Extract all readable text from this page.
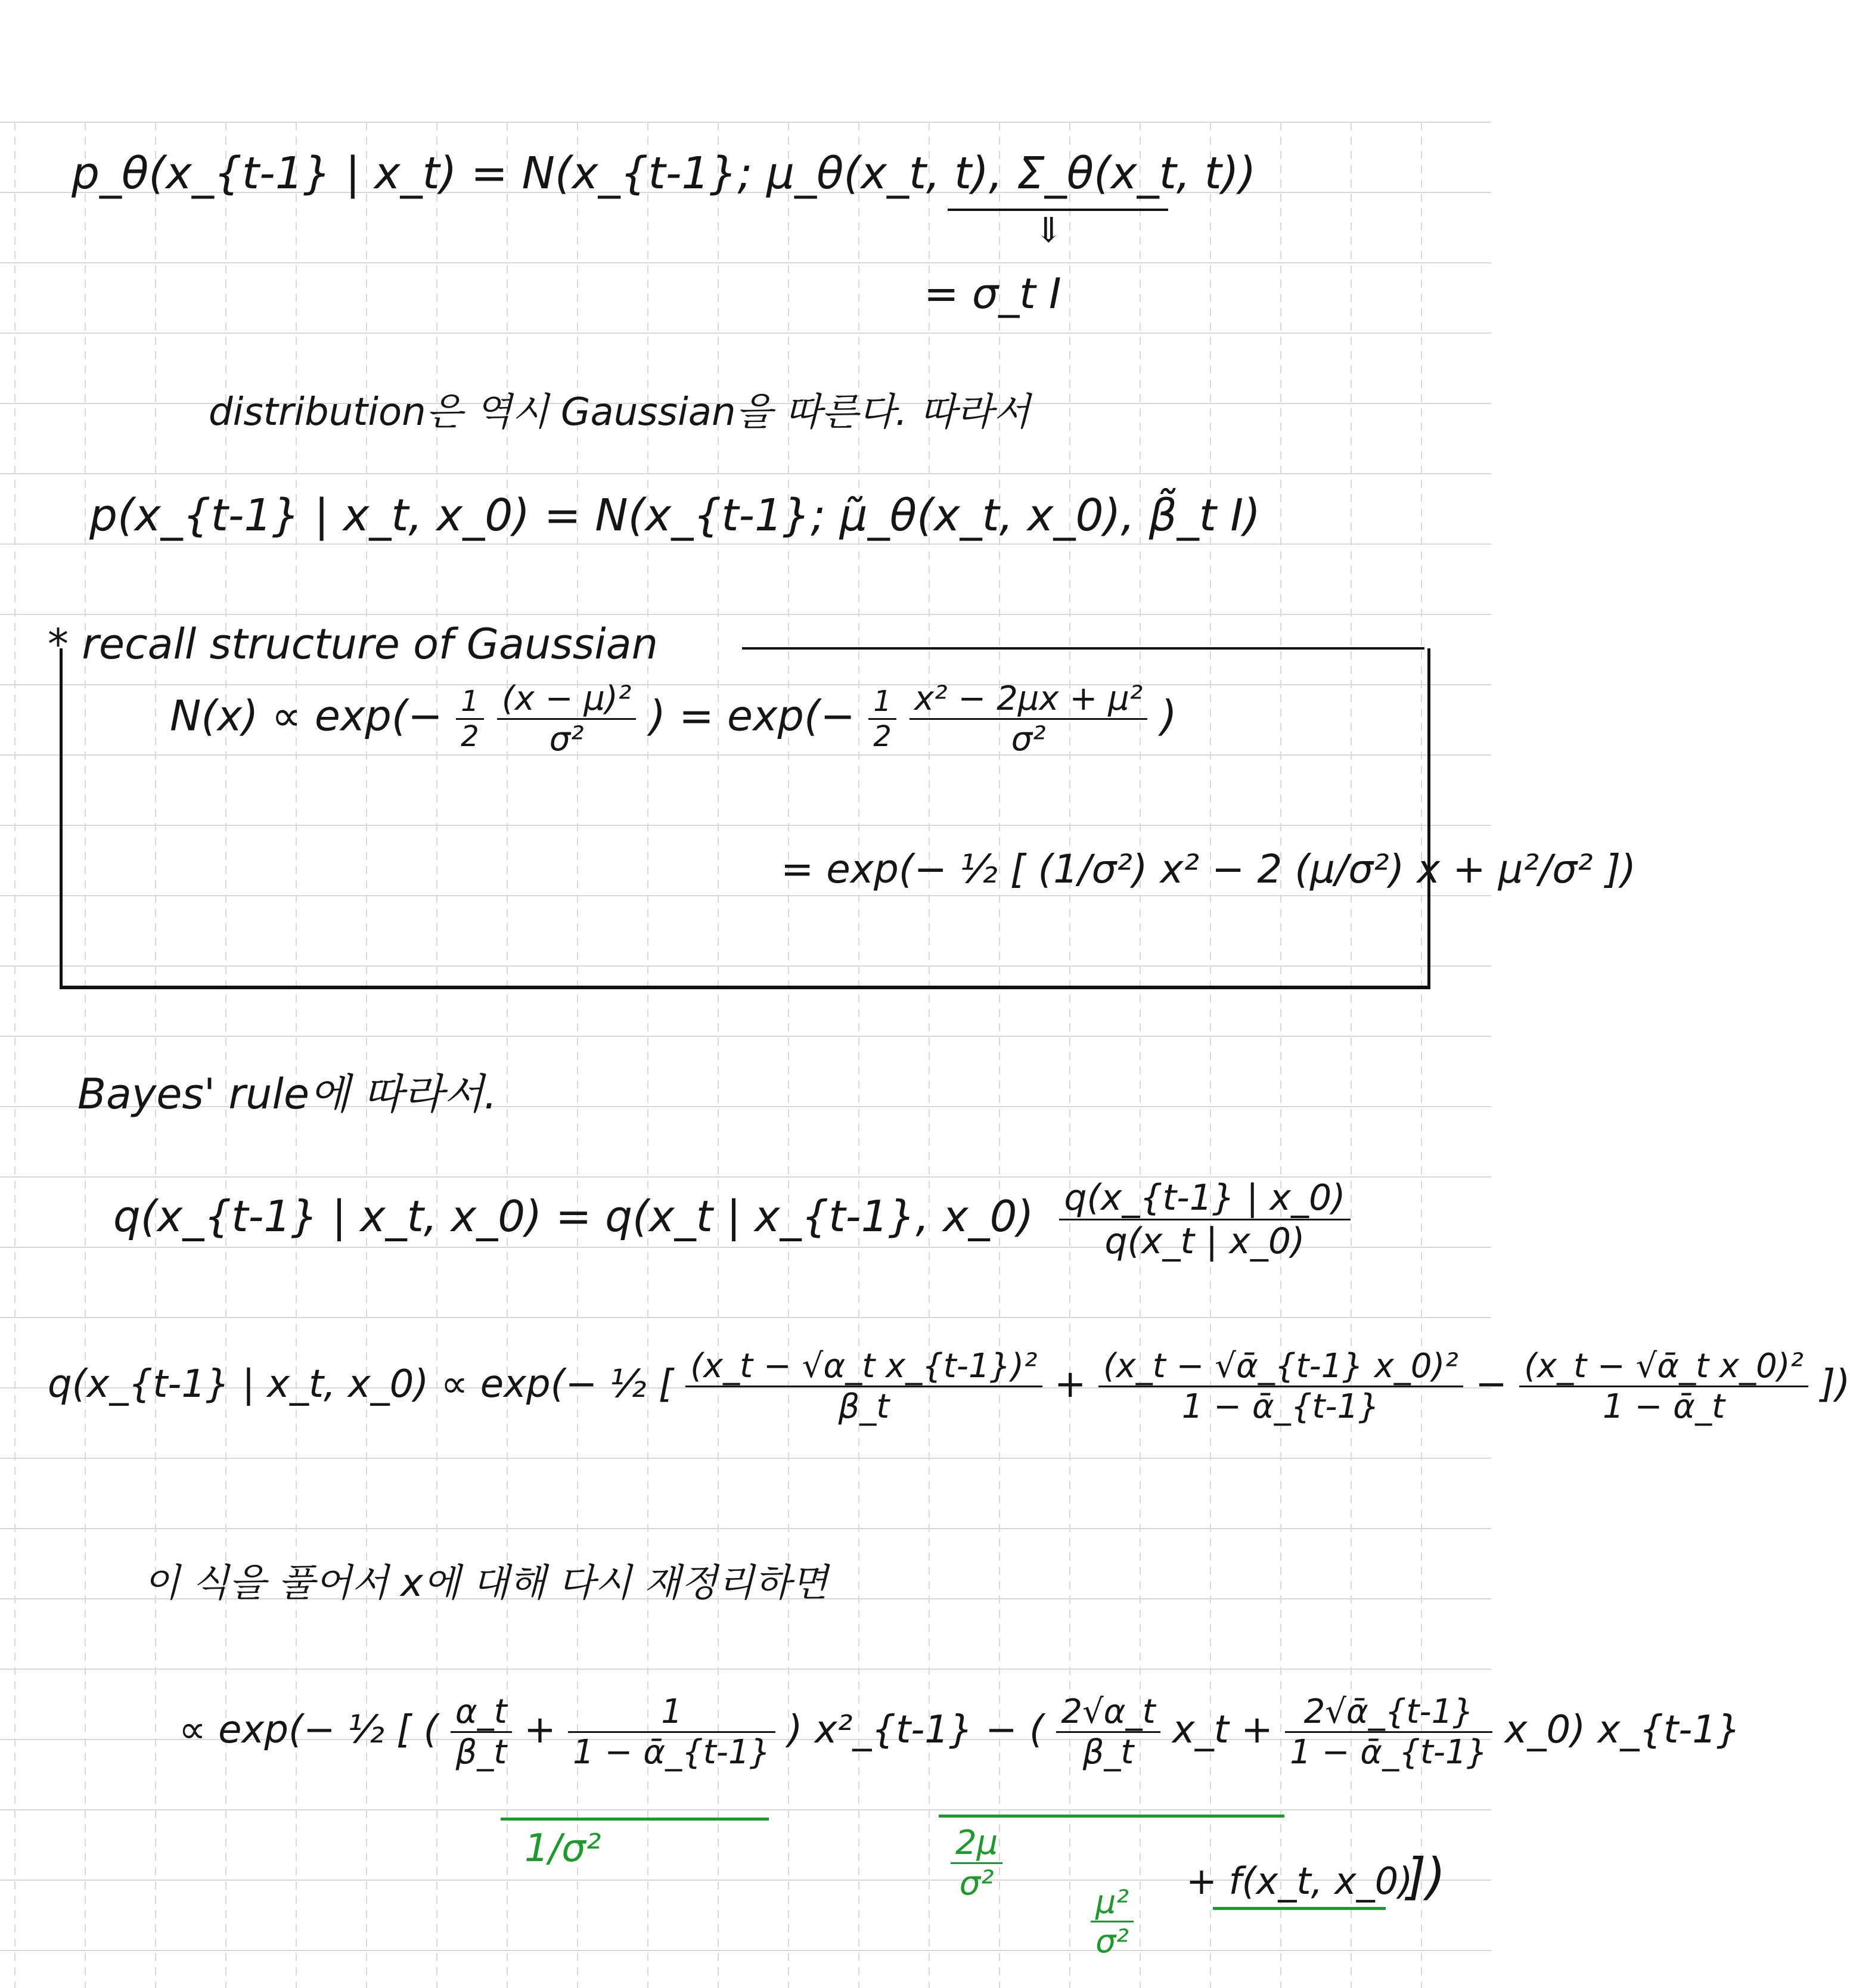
p_θ(x_{t-1} | x_t) = N(x_{t-1}; μ_θ(x_t, t), Σ_θ(x_t, t))
⇓
= σ_t I
distribution은 역시 Gaussian을 따른다. 따라서
p(x_{t-1} | x_t, x_0) = N(x_{t-1}; μ̃_θ(x_t, x_0), β̃_t I)
* recall structure of Gaussian
$N(x) \propto \exp(- \frac{1}{2}$
$\frac{\text{(x − μ)²}}{\text{σ²}}$ ) = $\exp(- \frac{1}{2}$
$\frac{\text{x² − 2μx + μ²}}{\text{σ²}}$ )
= exp(− ½ [ (1/σ²) x² − 2 (μ/σ²) x + μ²/σ² ])
Bayes' rule에 따라서.
q(x_{t-1} | x_t, x_0) = q(x_t | x_{t-1}, x_0) $\frac{q(x\_\{t-1\} | x\_0)}{q(x\_t | x\_0)}$
q(x_{t-1} | x_t, x_0) ∝ exp(− ½ [ $\frac{\text{(x\_t − √α\_t x\_\{t-1\})²}}{\beta\_t} + \frac{\text{(x\_t − √ᾱ\_\{t-1\} x\_0)²}}{\text{1 − ᾱ\_\{t-1\}}} - \frac{\text{(x\_t − √ᾱ\_t x\_0)²}}{\text{1 − ᾱ\_t}}$ ])
이 식을 풀어서 x에 대해 다시 재정리하면
∝ exp(− ½ [ ( $\frac{\alpha\_t}{\beta\_t} + \frac{1}{\text{1 − ᾱ\_\{t-1\}}}$ ) x²_{t-1} − ( $\frac{2√\alpha\_t}{\beta\_t}$ x_t + $\frac{\text{2√ᾱ\_\{t-1\}}}{\text{1 − ᾱ\_\{t-1\}}}$ x_0) x_{t-1}
1/σ²	$\frac{2\mu}{\text{σ²}}$
$\frac{\text{μ²}}{\text{σ²}}$
+ f(x_t, x_0)
])
